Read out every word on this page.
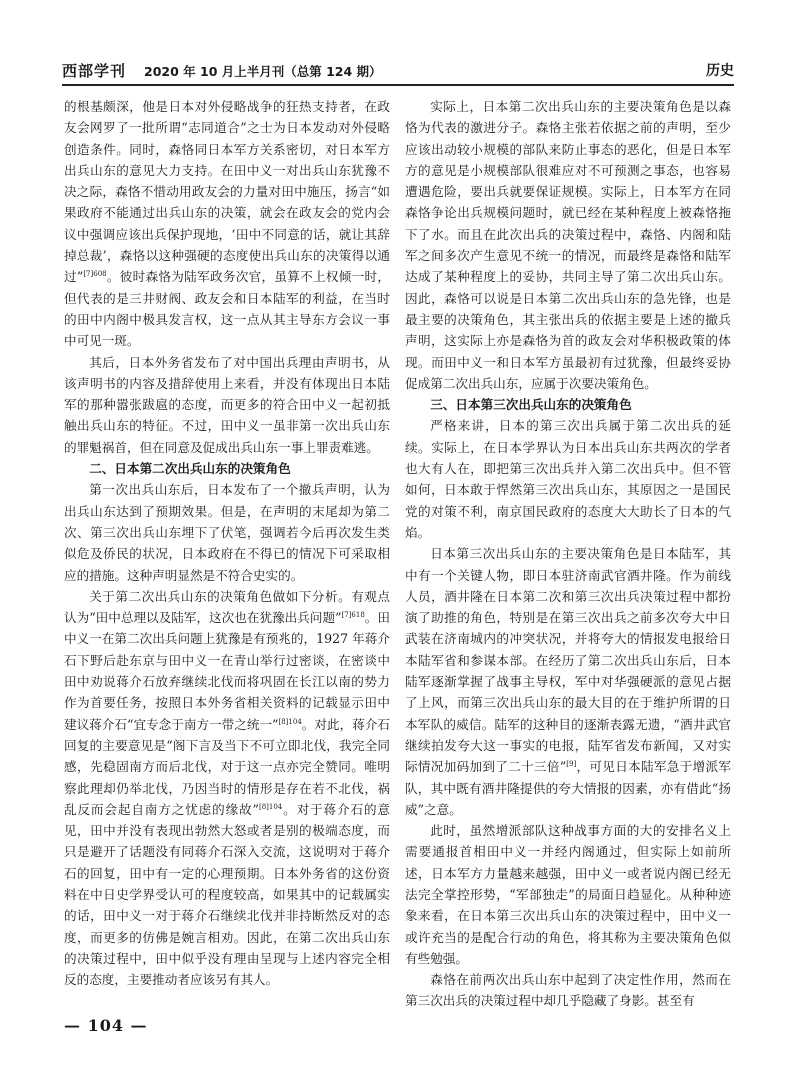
西部学刊 2020 年 10 月上半月刊（总第 124 期）	历史

的根基颇深，他是日本对外侵略战争的狂热支持者，在政友会网罗了一批所谓“志同道合”之士为日本发动对外侵略创造条件。同时，森恪同日本军方关系密切，对日本军方出兵山东的意见大力支持。在田中义一对出兵山东犹豫不决之际，森恪不惜动用政友会的力量对田中施压，扬言“如果政府不能通过出兵山东的决策，就会在政友会的党内会议中强调应该出兵保护现地，‘田中不同意的话，就让其辞掉总裁’，森恪以这种强硬的态度使出兵山东的决策得以通过”$^{[7]608}$。彼时森恪为陆军政务次官，虽算不上权倾一时，但代表的是三井财阀、政友会和日本陆军的利益，在当时的田中内阁中极具发言权，这一点从其主导东方会议一事中可见一斑。

其后，日本外务省发布了对中国出兵理由声明书，从该声明书的内容及措辞使用上来看，并没有体现出日本陆军的那种嚣张跋扈的态度，而更多的符合田中义一起初抵触出兵山东的特征。不过，田中义一虽非第一次出兵山东的罪魁祸首，但在同意及促成出兵山东一事上罪责难逃。

二、日本第二次出兵山东的决策角色

第一次出兵山东后，日本发布了一个撤兵声明，认为出兵山东达到了预期效果。但是，在声明的末尾却为第二次、第三次出兵山东埋下了伏笔，强调若今后再次发生类似危及侨民的状况，日本政府在不得已的情况下可采取相应的措施。这种声明显然是不符合史实的。

关于第二次出兵山东的决策角色做如下分析。有观点认为“田中总理以及陆军，这次也在犹豫出兵问题”$^{[7]618}$。田中义一在第二次出兵问题上犹豫是有预兆的，1927 年蒋介石下野后赴东京与田中义一在青山举行过密谈，在密谈中田中劝说蒋介石放弃继续北伐而将巩固在长江以南的势力作为首要任务，按照日本外务省相关资料的记载显示田中建议蒋介石“宜专念于南方一带之统一”$^{[8]104}$。对此，蒋介石回复的主要意见是“阁下言及当下不可立即北伐，我完全同感，先稳固南方而后北伐，对于这一点亦完全赞同。唯明察此理却仍举北伐，乃因当时的情形是存在若不北伐，祸乱反而会起自南方之忧虑的缘故”$^{[8]104}$。对于蒋介石的意见，田中并没有表现出勃然大怒或者是别的极端态度，而只是避开了话题没有同蒋介石深入交流，这说明对于蒋介石的回复，田中有一定的心理预期。日本外务省的这份资料在中日史学界受认可的程度较高，如果其中的记载属实的话，田中义一对于蒋介石继续北伐并非持断然反对的态度，而更多的仿佛是婉言相劝。因此，在第二次出兵山东的决策过程中，田中似乎没有理由呈现与上述内容完全相反的态度，主要推动者应该另有其人。

实际上，日本第二次出兵山东的主要决策角色是以森恪为代表的激进分子。森恪主张若依据之前的声明，至少应该出动较小规模的部队来防止事态的恶化，但是日本军方的意见是小规模部队很难应对不可预测之事态，也容易遭遇危险，要出兵就要保证规模。实际上，日本军方在同森恪争论出兵规模问题时，就已经在某种程度上被森恪拖下了水。而且在此次出兵的决策过程中，森恪、内阁和陆军之间多次产生意见不统一的情况，而最终是森恪和陆军达成了某种程度上的妥协，共同主导了第二次出兵山东。因此，森恪可以说是日本第二次出兵山东的急先锋，也是最主要的决策角色，其主张出兵的依据主要是上述的撤兵声明，这实际上亦是森恪为首的政友会对华积极政策的体现。而田中义一和日本军方虽最初有过犹豫，但最终妥协促成第二次出兵山东，应属于次要决策角色。

三、日本第三次出兵山东的决策角色

严格来讲，日本的第三次出兵属于第二次出兵的延续。实际上，在日本学界认为日本出兵山东共两次的学者也大有人在，即把第三次出兵并入第二次出兵中。但不管如何，日本敢于悍然第三次出兵山东，其原因之一是国民党的对策不利，南京国民政府的态度大大助长了日本的气焰。

日本第三次出兵山东的主要决策角色是日本陆军，其中有一个关键人物，即日本驻济南武官酒井隆。作为前线人员，酒井隆在日本第二次和第三次出兵决策过程中都扮演了助推的角色，特别是在第三次出兵之前多次夸大中日武装在济南城内的冲突状况，并将夸大的情报发电报给日本陆军省和参谋本部。在经历了第二次出兵山东后，日本陆军逐渐掌握了战事主导权，军中对华强硬派的意见占据了上风，而第三次出兵山东的最大目的在于维护所谓的日本军队的威信。陆军的这种目的逐渐表露无遗，“酒井武官继续拍发夸大这一事实的电报，陆军省发布新闻，又对实际情况加码加到了二十三倍”[9]，可见日本陆军急于增派军队，其中既有酒井隆提供的夸大情报的因素，亦有借此“扬威”之意。

此时，虽然增派部队这种战事方面的大的安排名义上需要通报首相田中义一并经内阁通过，但实际上如前所述，日本军方力量越来越强，田中义一或者说内阁已经无法完全掌控形势，“军部独走”的局面日趋显化。从种种迹象来看，在日本第三次出兵山东的决策过程中，田中义一或许充当的是配合行动的角色，将其称为主要决策角色似有些勉强。

森恪在前两次出兵山东中起到了决定性作用，然而在第三次出兵的决策过程中却几乎隐藏了身影。甚至有

— 104 —
